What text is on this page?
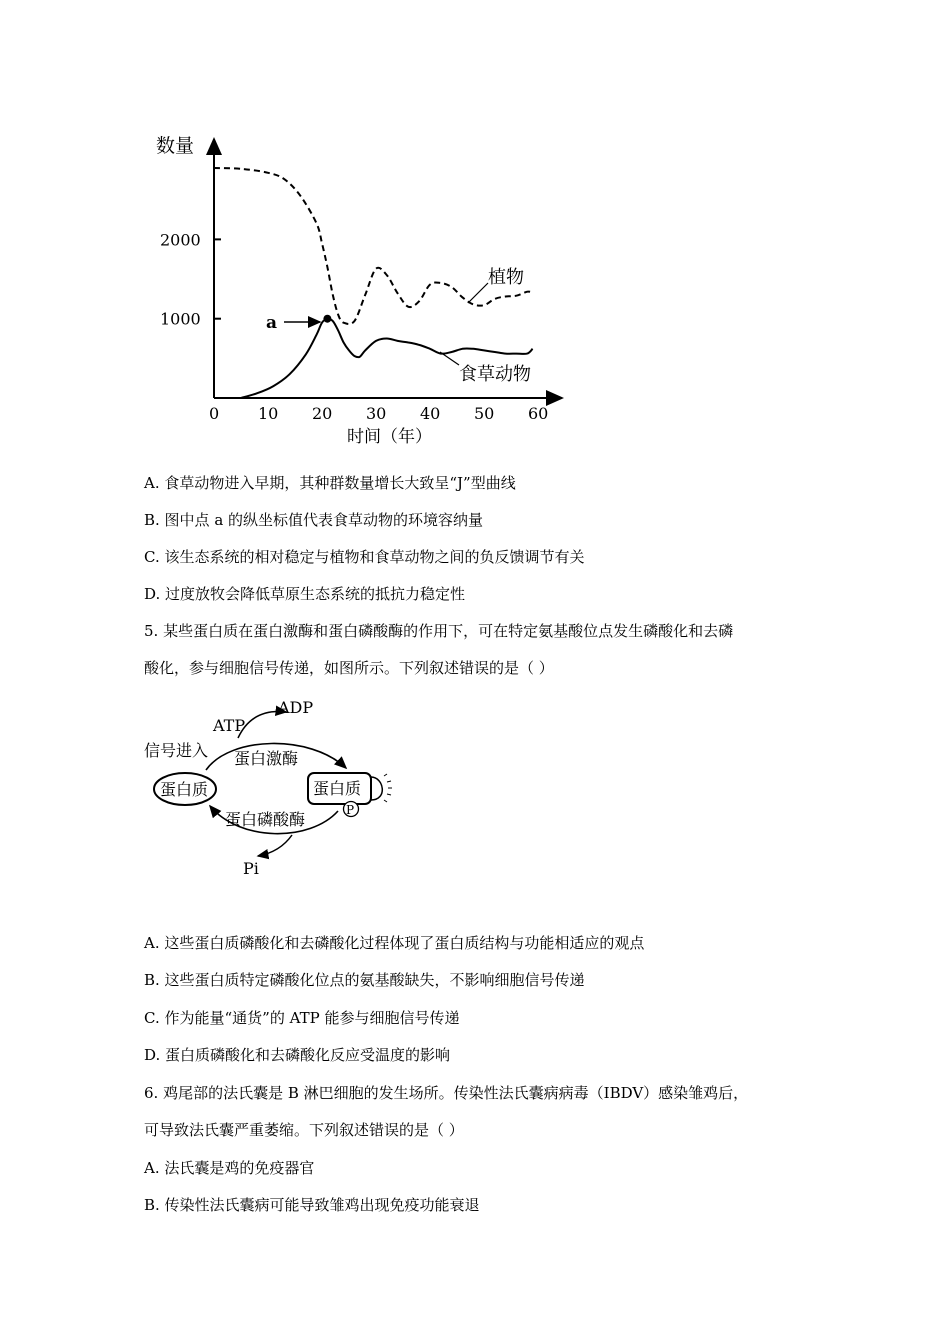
1000
2000
0 10 20 30 40 50 60
数量
时间（年）
a
植物
食草动物
A. 食草动物进入早期，其种群数量增长大致呈“J”型曲线
B. 图中点 a 的纵坐标值代表食草动物的环境容纳量
C. 该生态系统的相对稳定与植物和食草动物之间的负反馈调节有关
D. 过度放牧会降低草原生态系统的抵抗力稳定性
5. 某些蛋白质在蛋白激酶和蛋白磷酸酶的作用下，可在特定氨基酸位点发生磷酸化和去磷
酸化，参与细胞信号传递，如图所示。下列叙述错误的是（ ）
ADP
ATP
信号进入 蛋白激酶
蛋白质	蛋白质
P
蛋白磷酸酶
Pi
A. 这些蛋白质磷酸化和去磷酸化过程体现了蛋白质结构与功能相适应的观点
B. 这些蛋白质特定磷酸化位点的氨基酸缺失，不影响细胞信号传递
C. 作为能量“通货”的 ATP 能参与细胞信号传递
D. 蛋白质磷酸化和去磷酸化反应受温度的影响
6. 鸡尾部的法氏囊是 B 淋巴细胞的发生场所。传染性法氏囊病病毒（IBDV）感染雏鸡后，
可导致法氏囊严重萎缩。下列叙述错误的是（ ）
A. 法氏囊是鸡的免疫器官
B. 传染性法氏囊病可能导致雏鸡出现免疫功能衰退
